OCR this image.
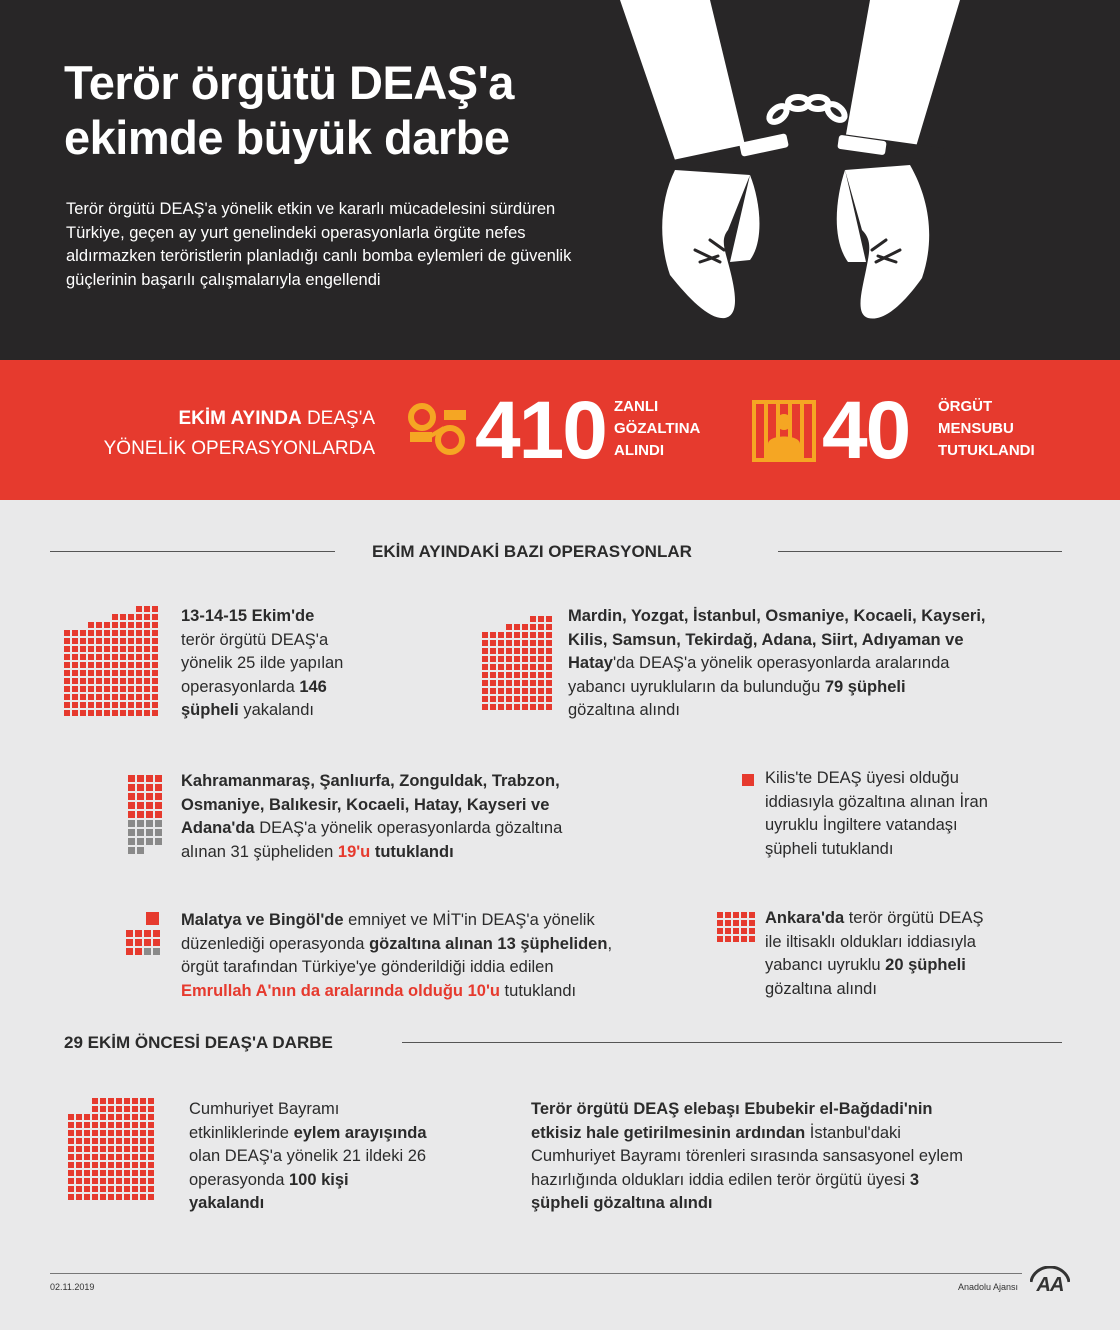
Terör örgütü DEAŞ'a
ekimde büyük darbe
Terör örgütü DEAŞ'a yönelik etkin ve kararlı mücadelesini sürdüren Türkiye, geçen ay yurt genelindeki operasyonlarla örgüte nefes aldırmazken teröristlerin planladığı canlı bomba eylemleri de güvenlik güçlerinin başarılı çalışmalarıyla engellendi
EKİM AYINDA DEAŞ'A
YÖNELİK OPERASYONLARDA 410 ZANLI
GÖZALTINA
ALINDI	40 ÖRGÜT
MENSUBU
TUTUKLANDI
EKİM AYINDAKİ BAZI OPERASYONLAR
13-14-15 Ekim'de
terör örgütü DEAŞ'a
yönelik 25 ilde yapılan
operasyonlarda 146
şüpheli yakalandı
Mardin, Yozgat, İstanbul, Osmaniye, Kocaeli, Kayseri,
Kilis, Samsun, Tekirdağ, Adana, Siirt, Adıyaman ve
Hatay'da DEAŞ'a yönelik operasyonlarda aralarında
yabancı uyrukluların da bulunduğu 79 şüpheli
gözaltına alındı
Kahramanmaraş, Şanlıurfa, Zonguldak, Trabzon,
Osmaniye, Balıkesir, Kocaeli, Hatay, Kayseri ve
Adana'da DEAŞ'a yönelik operasyonlarda gözaltına
alınan 31 şüpheliden 19'u tutuklandı
Kilis'te DEAŞ üyesi olduğu
iddiasıyla gözaltına alınan İran
uyruklu İngiltere vatandaşı
şüpheli tutuklandı
Malatya ve Bingöl'de emniyet ve MİT'in DEAŞ'a yönelik
düzenlediği operasyonda gözaltına alınan 13 şüpheliden,
örgüt tarafından Türkiye'ye gönderildiği iddia edilen
Emrullah A'nın da aralarında olduğu 10'u tutuklandı
Ankara'da terör örgütü DEAŞ
ile iltisaklı oldukları iddiasıyla
yabancı uyruklu 20 şüpheli
gözaltına alındı
29 EKİM ÖNCESİ DEAŞ'A DARBE
Cumhuriyet Bayramı
etkinliklerinde eylem arayışında
olan DEAŞ'a yönelik 21 ildeki 26
operasyonda 100 kişi
yakalandı
Terör örgütü DEAŞ elebaşı Ebubekir el-Bağdadi'nin
etkisiz hale getirilmesinin ardından İstanbul'daki
Cumhuriyet Bayramı törenleri sırasında sansasyonel eylem
hazırlığında oldukları iddia edilen terör örgütü üyesi 3
şüpheli gözaltına alındı
02.11.2019	Anadolu Ajansı AA
